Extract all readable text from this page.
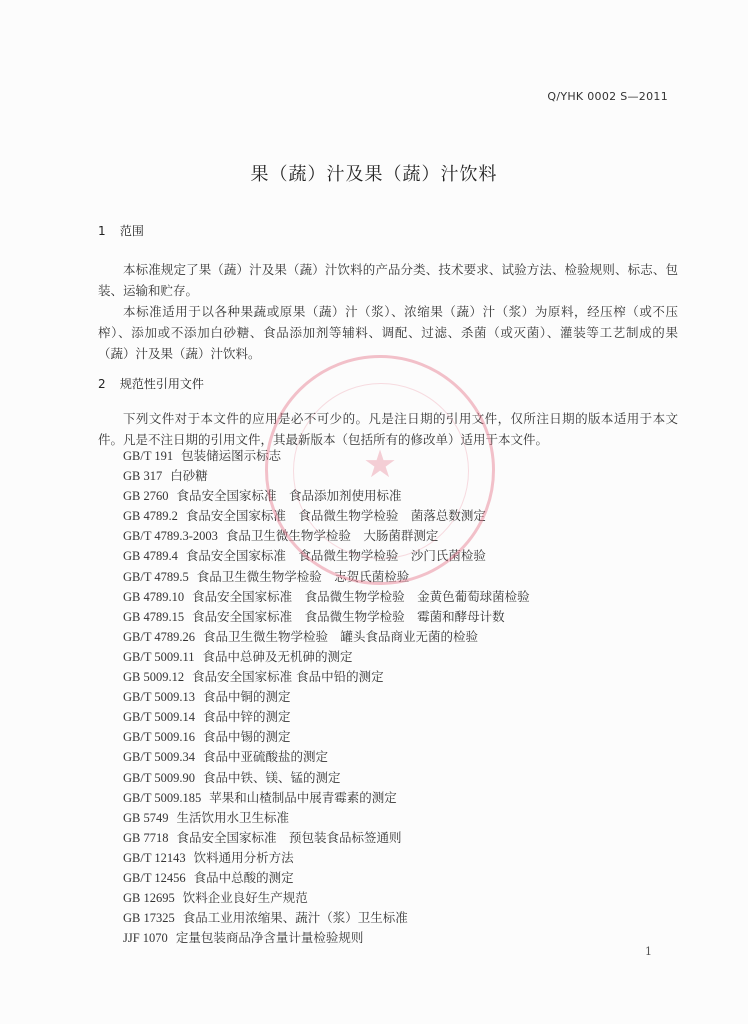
Q/YHK 0002 S—2011
果（蔬）汁及果（蔬）汁饮料
1 范围

本标准规定了果（蔬）汁及果（蔬）汁饮料的产品分类、技术要求、试验方法、检验规则、标志、包装、运输和贮存。

本标准适用于以各种果蔬或原果（蔬）汁（浆）、浓缩果（蔬）汁（浆）为原料，经压榨（或不压榨）、添加或不添加白砂糖、食品添加剂等辅料、调配、过滤、杀菌（或灭菌）、灌装等工艺制成的果（蔬）汁及果（蔬）汁饮料。

2 规范性引用文件

下列文件对于本文件的应用是必不可少的。凡是注日期的引用文件，仅所注日期的版本适用于本文件。凡是不注日期的引用文件，其最新版本（包括所有的修改单）适用于本文件。

GB/T 191 包装储运图示标志
GB 317 白砂糖
GB 2760 食品安全国家标准　食品添加剂使用标准
GB 4789.2 食品安全国家标准　食品微生物学检验　菌落总数测定
GB/T 4789.3-2003 食品卫生微生物学检验　大肠菌群测定
GB 4789.4 食品安全国家标准　食品微生物学检验　沙门氏菌检验
GB/T 4789.5 食品卫生微生物学检验　志贺氏菌检验
GB 4789.10 食品安全国家标准　食品微生物学检验　金黄色葡萄球菌检验
GB 4789.15 食品安全国家标准　食品微生物学检验　霉菌和酵母计数
GB/T 4789.26 食品卫生微生物学检验　罐头食品商业无菌的检验
GB/T 5009.11 食品中总砷及无机砷的测定
GB 5009.12 食品安全国家标准 食品中铅的测定
GB/T 5009.13 食品中铜的测定
GB/T 5009.14 食品中锌的测定
GB/T 5009.16 食品中锡的测定
GB/T 5009.34 食品中亚硫酸盐的测定
GB/T 5009.90 食品中铁、镁、锰的测定
GB/T 5009.185 苹果和山楂制品中展青霉素的测定
GB 5749 生活饮用水卫生标准
GB 7718 食品安全国家标准　预包装食品标签通则
GB/T 12143 饮料通用分析方法
GB/T 12456 食品中总酸的测定
GB 12695 饮料企业良好生产规范
GB 17325 食品工业用浓缩果、蔬汁（浆）卫生标准
JJF 1070 定量包装商品净含量计量检验规则
★
1
